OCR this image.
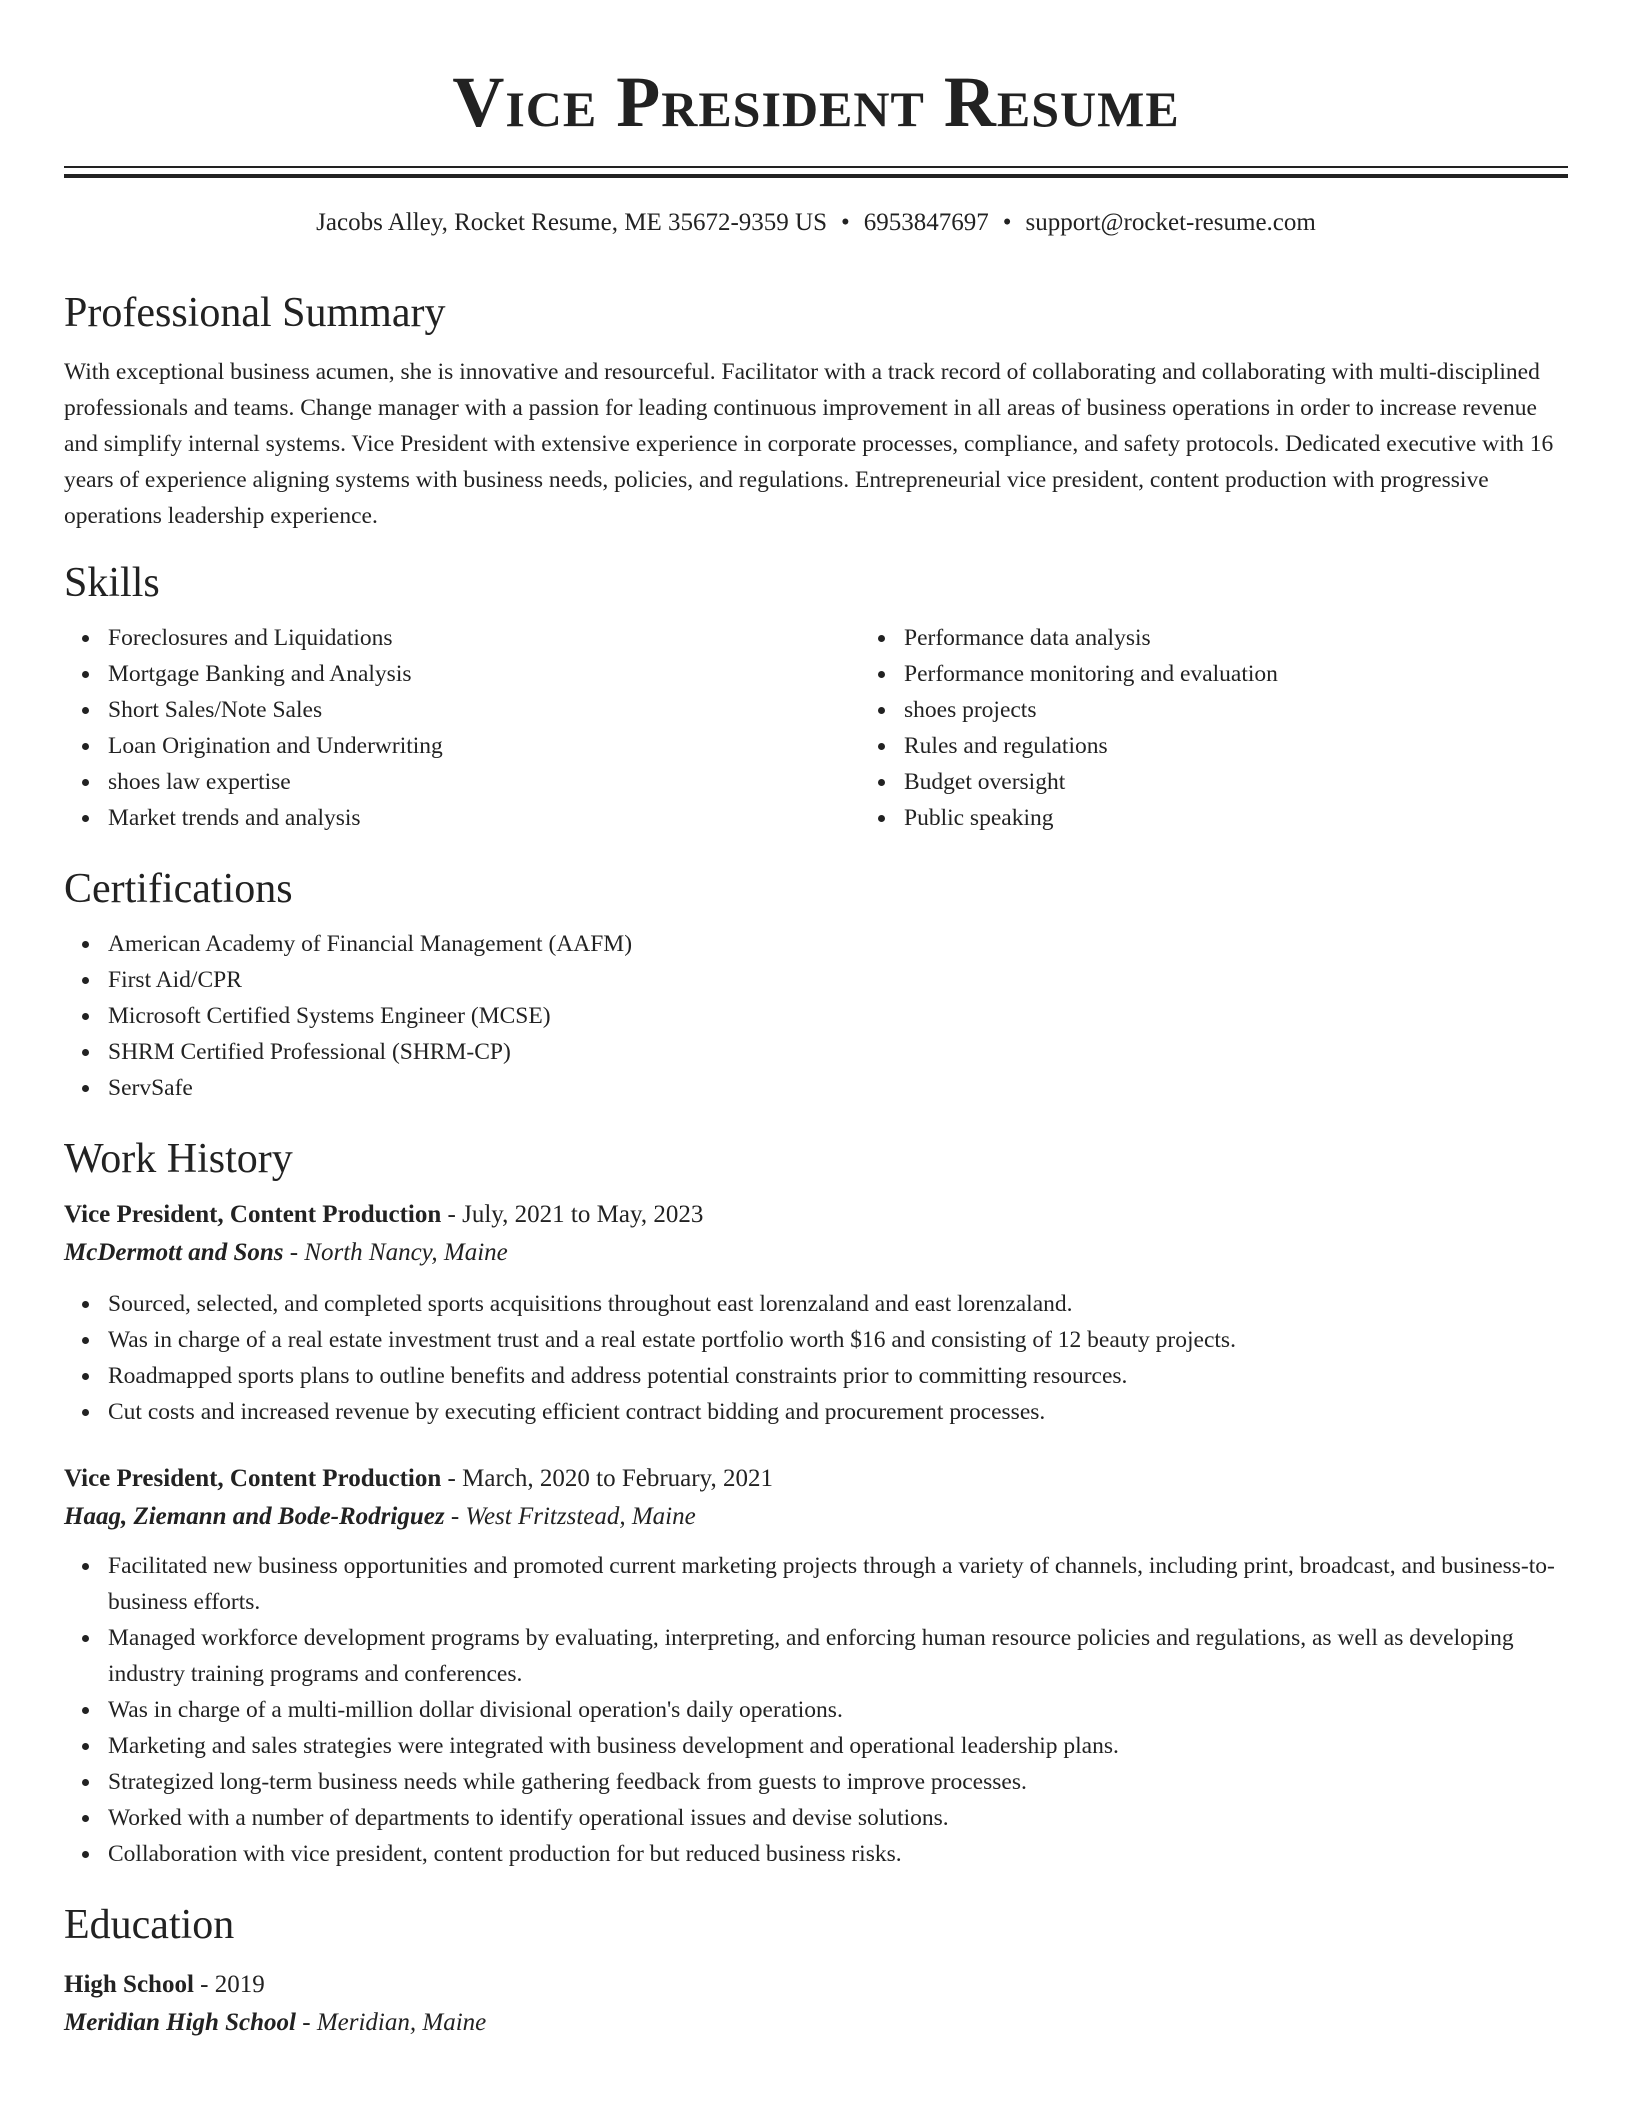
Vice President Resume
Jacobs Alley, Rocket Resume, ME 35672-9359 US • 6953847697 • support@rocket-resume.com
Professional Summary

With exceptional business acumen, she is innovative and resourceful. Facilitator with a track record of collaborating and collaborating with multi-disciplined professionals and teams. Change manager with a passion for leading continuous improvement in all areas of business operations in order to increase revenue and simplify internal systems. Vice President with extensive experience in corporate processes, compliance, and safety protocols. Dedicated executive with 16 years of experience aligning systems with business needs, policies, and regulations. Entrepreneurial vice president, content production with progressive operations leadership experience.

Skills
Foreclosures and Liquidations
Mortgage Banking and Analysis
Short Sales/Note Sales
Loan Origination and Underwriting
shoes law expertise
Market trends and analysis
Performance data analysis
Performance monitoring and evaluation
shoes projects
Rules and regulations
Budget oversight
Public speaking
Certifications
American Academy of Financial Management (AAFM)
First Aid/CPR
Microsoft Certified Systems Engineer (MCSE)
SHRM Certified Professional (SHRM-CP)
ServSafe
Work History
Vice President, Content Production - July, 2021 to May, 2023
McDermott and Sons - North Nancy, Maine
Sourced, selected, and completed sports acquisitions throughout east lorenzaland and east lorenzaland.
Was in charge of a real estate investment trust and a real estate portfolio worth $16 and consisting of 12 beauty projects.
Roadmapped sports plans to outline benefits and address potential constraints prior to committing resources.
Cut costs and increased revenue by executing efficient contract bidding and procurement processes.
Vice President, Content Production - March, 2020 to February, 2021
Haag, Ziemann and Bode-Rodriguez - West Fritzstead, Maine
Facilitated new business opportunities and promoted current marketing projects through a variety of channels, including print, broadcast, and business-to-business efforts.
Managed workforce development programs by evaluating, interpreting, and enforcing human resource policies and regulations, as well as developing industry training programs and conferences.
Was in charge of a multi-million dollar divisional operation's daily operations.
Marketing and sales strategies were integrated with business development and operational leadership plans.
Strategized long-term business needs while gathering feedback from guests to improve processes.
Worked with a number of departments to identify operational issues and devise solutions.
Collaboration with vice president, content production for but reduced business risks.
Education
High School - 2019
Meridian High School - Meridian, Maine
